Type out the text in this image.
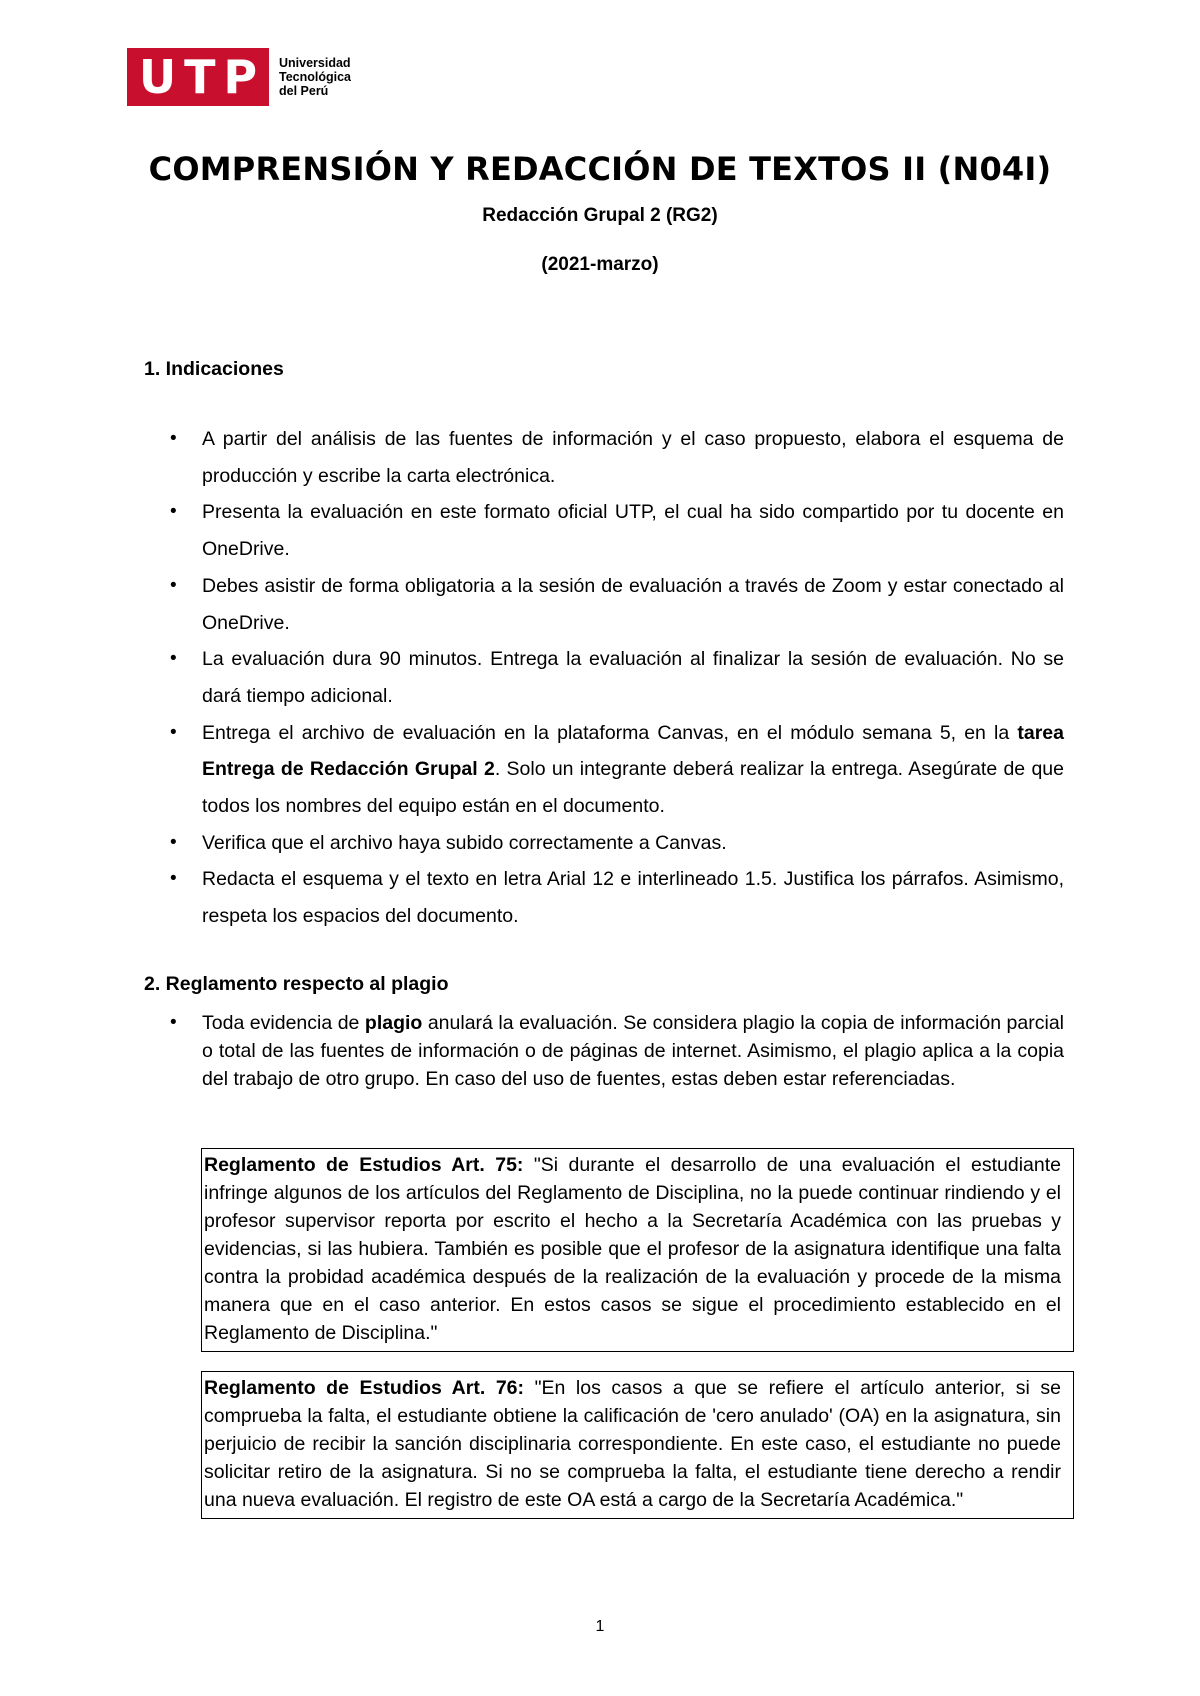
U T P Universidad
Tecnológica
del Perú
COMPRENSIÓN Y REDACCIÓN DE TEXTOS II (N04I)
Redacción Grupal 2 (RG2)
(2021-marzo)
1. Indicaciones
• A partir del análisis de las fuentes de información y el caso propuesto, elabora el esquema de producción y escribe la carta electrónica.
• Presenta la evaluación en este formato oficial UTP, el cual ha sido compartido por tu docente en OneDrive.
• Debes asistir de forma obligatoria a la sesión de evaluación a través de Zoom y estar conectado al OneDrive.
• La evaluación dura 90 minutos. Entrega la evaluación al finalizar la sesión de evaluación. No se dará tiempo adicional.
• Entrega el archivo de evaluación en la plataforma Canvas, en el módulo semana 5, en la tarea Entrega de Redacción Grupal 2. Solo un integrante deberá realizar la entrega. Asegúrate de que todos los nombres del equipo están en el documento.
• Verifica que el archivo haya subido correctamente a Canvas.
• Redacta el esquema y el texto en letra Arial 12 e interlineado 1.5. Justifica los párrafos. Asimismo, respeta los espacios del documento.
2. Reglamento respecto al plagio
• Toda evidencia de plagio anulará la evaluación. Se considera plagio la copia de información parcial o total de las fuentes de información o de páginas de internet. Asimismo, el plagio aplica a la copia del trabajo de otro grupo. En caso del uso de fuentes, estas deben estar referenciadas.
Reglamento de Estudios Art. 75: "Si durante el desarrollo de una evaluación el estudiante infringe algunos de los artículos del Reglamento de Disciplina, no la puede continuar rindiendo y el profesor supervisor reporta por escrito el hecho a la Secretaría Académica con las pruebas y evidencias, si las hubiera. También es posible que el profesor de la asignatura identifique una falta contra la probidad académica después de la realización de la evaluación y procede de la misma manera que en el caso anterior. En estos casos se sigue el procedimiento establecido en el Reglamento de Disciplina."
Reglamento de Estudios Art. 76: "En los casos a que se refiere el artículo anterior, si se comprueba la falta, el estudiante obtiene la calificación de 'cero anulado' (OA) en la asignatura, sin perjuicio de recibir la sanción disciplinaria correspondiente. En este caso, el estudiante no puede solicitar retiro de la asignatura. Si no se comprueba la falta, el estudiante tiene derecho a rendir una nueva evaluación. El registro de este OA está a cargo de la Secretaría Académica."
1
